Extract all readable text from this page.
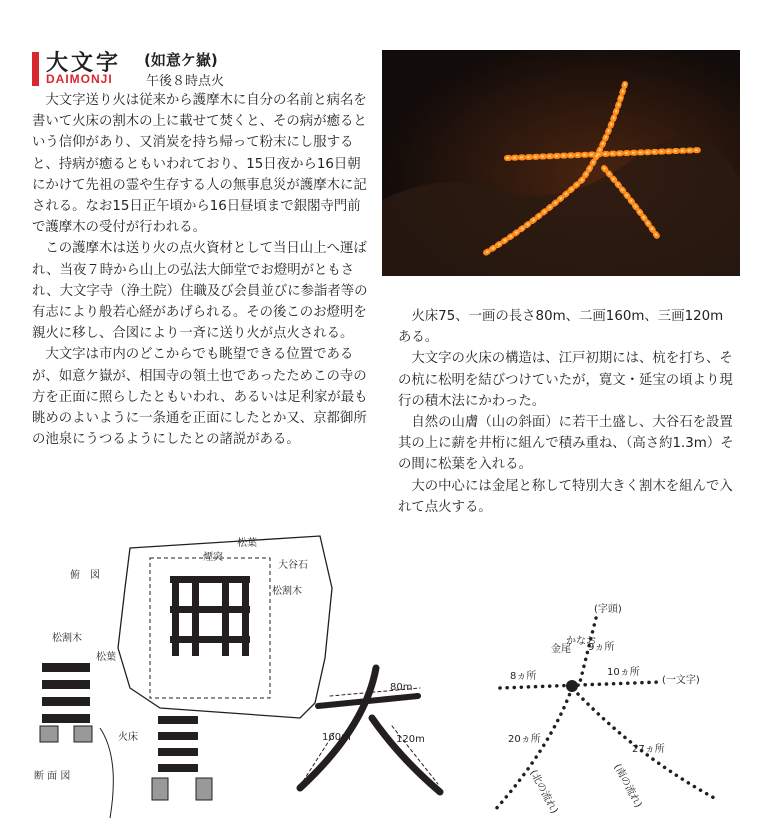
大文字 (如意ケ嶽)
DAIMONJI	午後８時点火

大文字送り火は従来から護摩木に自分の名前と病名を書いて火床の割木の上に載せて焚くと、その病が癒るという信仰があり、又消炭を持ち帰って粉末にし服すると、持病が癒るともいわれており、15日夜から16日朝にかけて先祖の霊や生存する人の無事息災が護摩木に記される。なお15日正午頃から16日昼頃まで銀閣寺門前で護摩木の受付が行われる。

この護摩木は送り火の点火資材として当日山上へ運ばれ、当夜７時から山上の弘法大師堂でお燈明がともされ、大文字寺（浄土院）住職及び会員並びに参詣者等の有志により般若心経があげられる。その後このお燈明を親火に移し、合図により一斉に送り火が点火される。

大文字は市内のどこからでも眺望できる位置であるが、如意ケ嶽が、相国寺の領土也であったためこの寺の方を正面に照らしたともいわれ、あるいは足利家が最も眺めのよいように一条通を正面にしたとか又、京都御所の池泉にうつるようにしたとの諸説がある。

火床75、一画の長さ80m、二画160m、三画120m　ある。

大文字の火床の構造は、江戸初期には、杭を打ち、その杭に松明を結びつけていたが，寛文・延宝の頃より現行の積木法にかわった。

自然の山膚（山の斜面）に若干土盛し、大谷石を設置其の上に薪を井桁に組んで積み重ね、（高さ約1.3m）その間に松葉を入れる。

大の中心には金尾と称して特別大きく割木を組んで入れて点火する。

俯　図
煙突
松葉
大谷石
松割木
松割木
松葉
火床
断 面 図
80m
160m	120m
(字頭)
かなお
金尾 9ヵ所
8ヵ所	10ヵ所
(一文字)
20ヵ所
27ヵ所
(北の流れ)	(南の流れ)
